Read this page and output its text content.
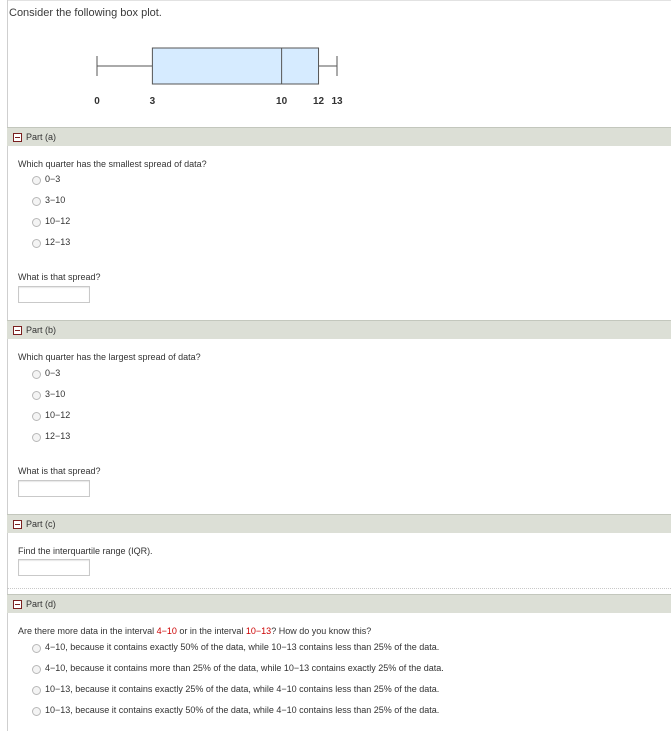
Consider the following box plot.
0	3	10	12 13
Part (a)
Which quarter has the smallest spread of data?
0−3
3−10
10−12
12−13
What is that spread?
Part (b)
Which quarter has the largest spread of data?
0−3
3−10
10−12
12−13
What is that spread?
Part (c)
Find the interquartile range (IQR).
Part (d)
Are there more data in the interval 4−10 or in the interval 10−13? How do you know this?
4−10, because it contains exactly 50% of the data, while 10−13 contains less than 25% of the data.
4−10, because it contains more than 25% of the data, while 10−13 contains exactly 25% of the data.
10−13, because it contains exactly 25% of the data, while 4−10 contains less than 25% of the data.
10−13, because it contains exactly 50% of the data, while 4−10 contains less than 25% of the data.
